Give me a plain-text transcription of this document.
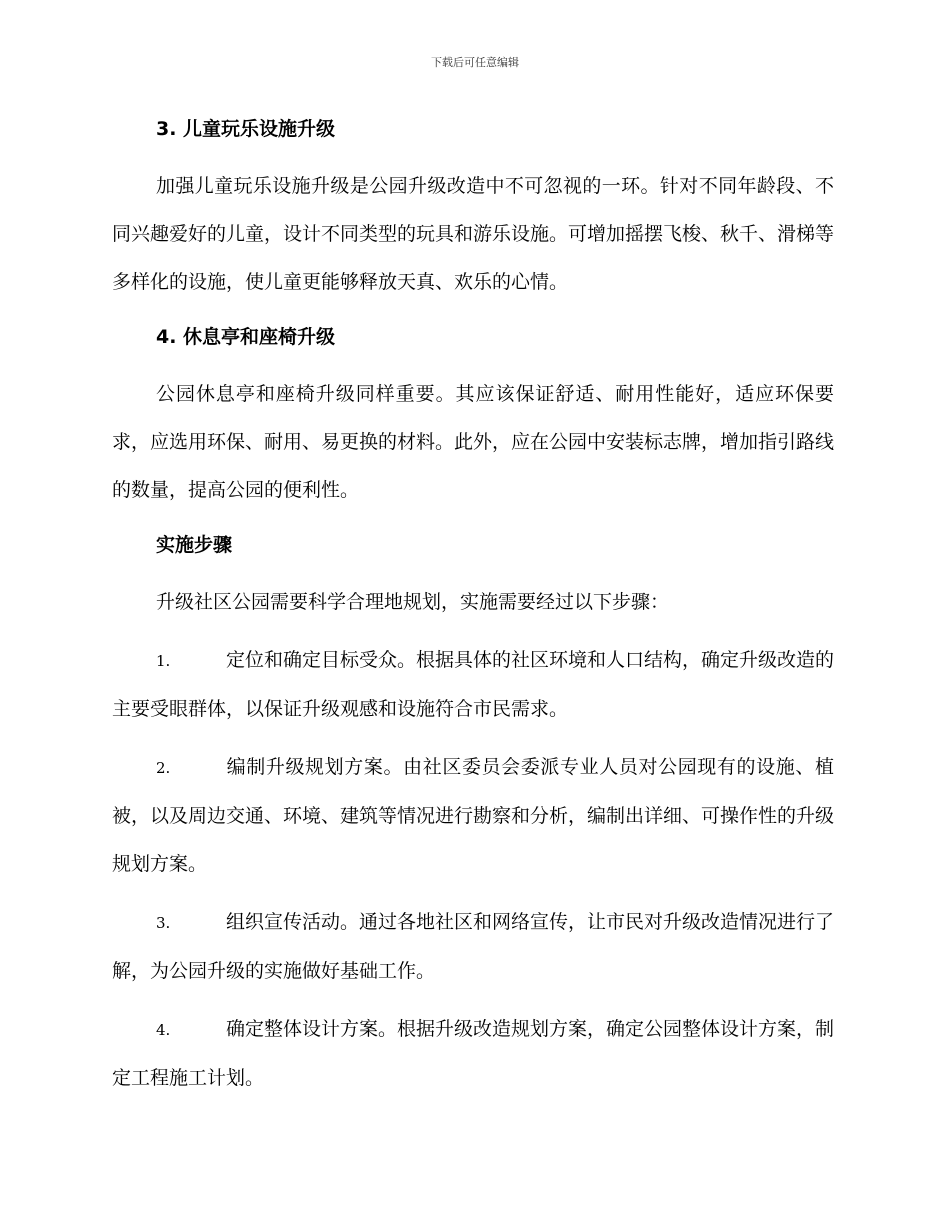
下载后可任意编辑
3. 儿童玩乐设施升级

加强儿童玩乐设施升级是公园升级改造中不可忽视的一环。针对不同年龄段、不同兴趣爱好的儿童，设计不同类型的玩具和游乐设施。可增加摇摆飞梭、秋千、滑梯等多样化的设施，使儿童更能够释放天真、欢乐的心情。

4. 休息亭和座椅升级

公园休息亭和座椅升级同样重要。其应该保证舒适、耐用性能好，适应环保要求，应选用环保、耐用、易更换的材料。此外，应在公园中安装标志牌，增加指引路线的数量，提高公园的便利性。

实施步骤

升级社区公园需要科学合理地规划，实施需要经过以下步骤：

1.	定位和确定目标受众。根据具体的社区环境和人口结构，确定升级改造的主要受眼群体，以保证升级观感和设施符合市民需求。

2.	编制升级规划方案。由社区委员会委派专业人员对公园现有的设施、植被，以及周边交通、环境、建筑等情况进行勘察和分析，编制出详细、可操作性的升级规划方案。

3.	组织宣传活动。通过各地社区和网络宣传，让市民对升级改造情况进行了解，为公园升级的实施做好基础工作。

4.	确定整体设计方案。根据升级改造规划方案，确定公园整体设计方案，制定工程施工计划。
